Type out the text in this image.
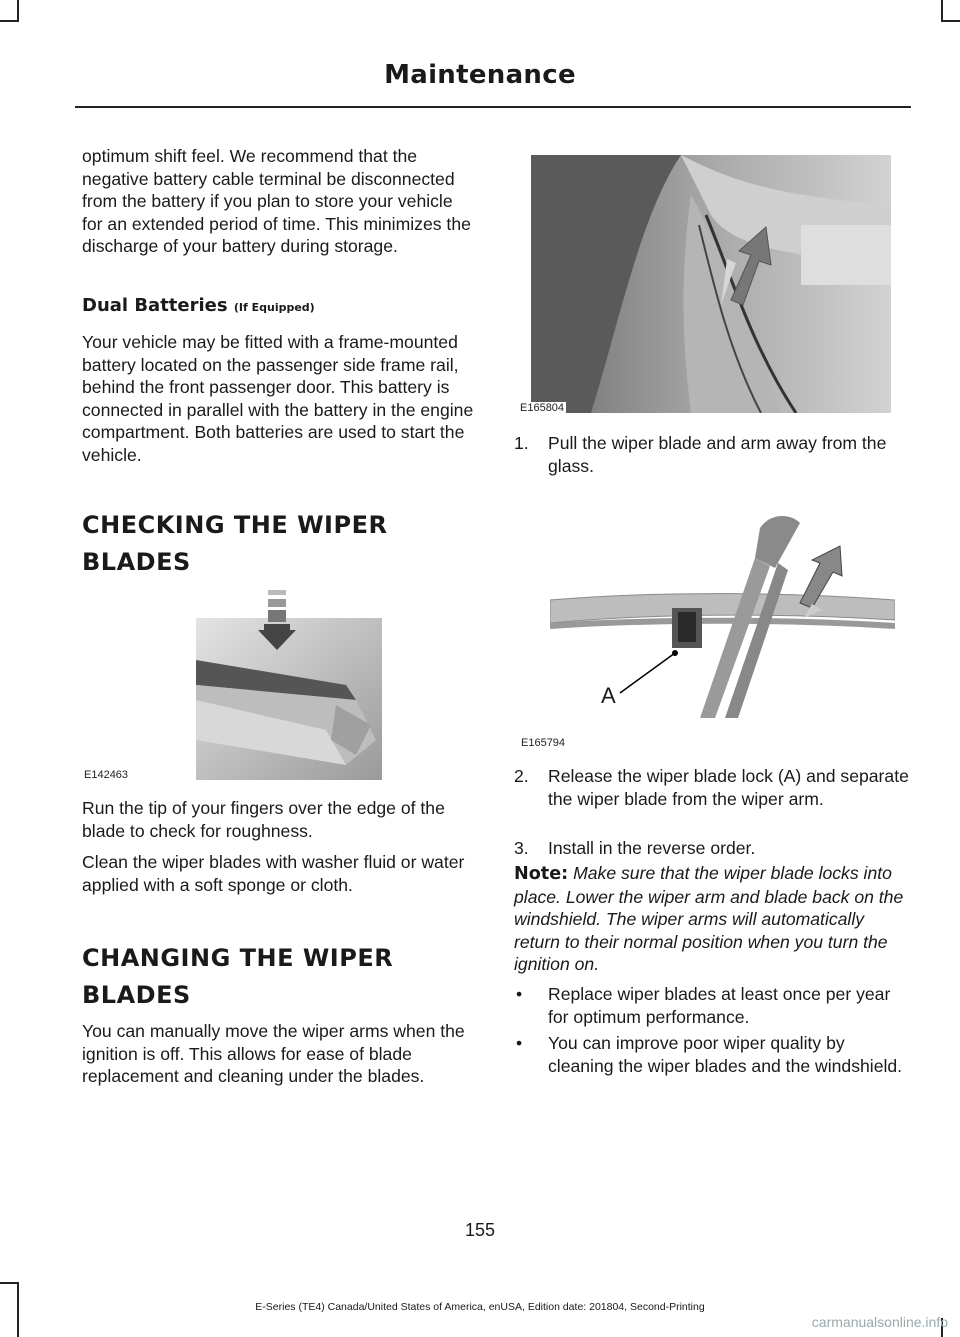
Maintenance

optimum shift feel. We recommend that the negative battery cable terminal be disconnected from the battery if you plan to store your vehicle for an extended period of time. This minimizes the discharge of your battery during storage.

Dual Batteries (If Equipped)

Your vehicle may be fitted with a frame-mounted battery located on the passenger side frame rail, behind the front passenger door. This battery is connected in parallel with the battery in the engine compartment. Both batteries are used to start the vehicle.

CHECKING THE WIPER
BLADES
E142463

Run the tip of your fingers over the edge of the blade to check for roughness.

Clean the wiper blades with washer fluid or water applied with a soft sponge or cloth.

CHANGING THE WIPER
BLADES

You can manually move the wiper arms when the ignition is off. This allows for ease of blade replacement and cleaning under the blades.

E165804
1. Pull the wiper blade and arm away from the glass.
A
E165794
2. Release the wiper blade lock (A) and separate the wiper blade from the wiper arm.
3. Install in the reverse order.
Note: Make sure that the wiper blade locks into place. Lower the wiper arm and blade back on the windshield. The wiper arms will automatically return to their normal position when you turn the ignition on.
• Replace wiper blades at least once per year for optimum performance.
• You can improve poor wiper quality by cleaning the wiper blades and the windshield.
155
E-Series (TE4) Canada/United States of America, enUSA, Edition date: 201804, Second-Printing
carmanualsonline.info
